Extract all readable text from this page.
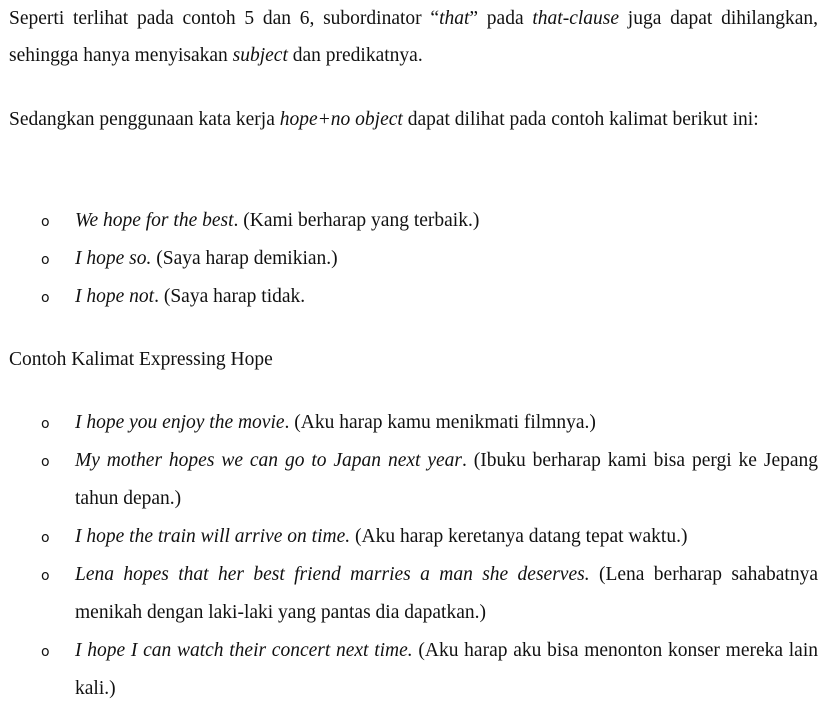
Seperti terlihat pada contoh 5 dan 6, subordinator “that” pada that-clause juga dapat dihilangkan, sehingga hanya menyisakan subject dan predikatnya.

Sedangkan penggunaan kata kerja hope+no object dapat dilihat pada contoh kalimat berikut ini:

o We hope for the best. (Kami berharap yang terbaik.)
o I hope so. (Saya harap demikian.)
o I hope not. (Saya harap tidak.
Contoh Kalimat Expressing Hope
o I hope you enjoy the movie. (Aku harap kamu menikmati filmnya.)
o My mother hopes we can go to Japan next year. (Ibuku berharap kami bisa pergi ke Jepang tahun depan.)
o I hope the train will arrive on time. (Aku harap keretanya datang tepat waktu.)
o Lena hopes that her best friend marries a man she deserves. (Lena berharap sahabatnya menikah dengan laki-laki yang pantas dia dapatkan.)
o I hope I can watch their concert next time. (Aku harap aku bisa menonton konser mereka lain kali.)
